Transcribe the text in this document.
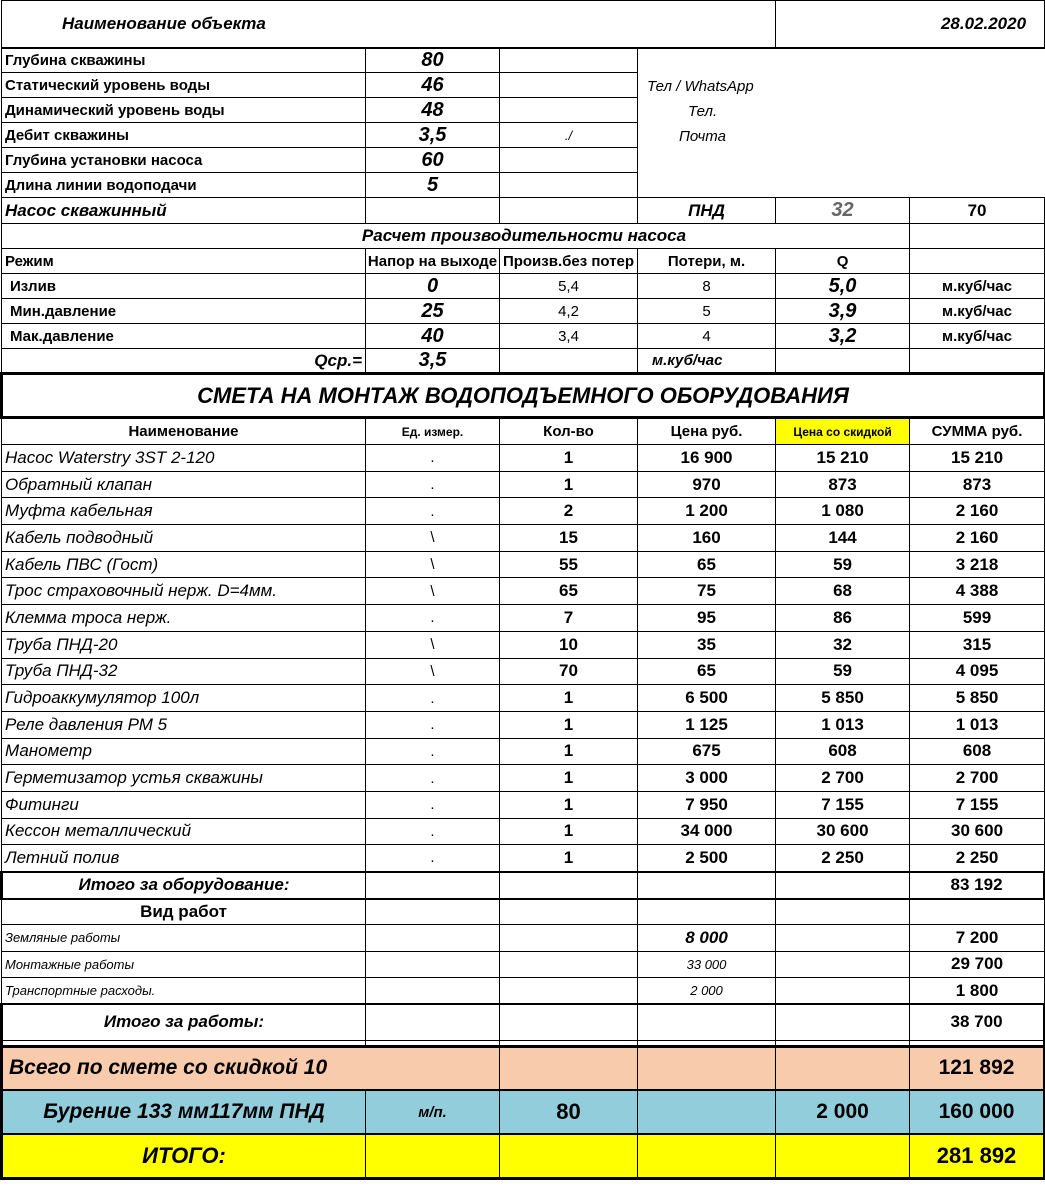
Наименование объекта				28.02.2020	
Глубина скважины	80		Тел / WhatsApp
Тел.
Почта		

Статический уровень воды	46				
Динамический уровень воды	48				
Дебит скважины	3,5	./			
Глубина установки насоса	60				
Длина линии водоподачи	5				
Насос скважинный			ПНД	32	70
Расчет производительности насоса					
Режим	Напор на выходе	Произв.без потер	Потери, м.	Q	
Излив	0	5,4	8	5,0	м.куб/час
Мин.давление	25	4,2	5	3,9	м.куб/час
Мак.давление	40	3,4	4	3,2	м.куб/час
Qср.=	3,5		м.куб/час		
СМЕТА НА МОНТАЖ ВОДОПОДЪЕМНОГО ОБОРУДОВАНИЯ					
Наименование	Ед. измер.	Кол-во	Цена руб.	Цена со скидкой	СУММА руб.
Насос Waterstry 3ST 2-120	.	1	16 900	15 210	15 210
Обратный клапан	.	1	970	873	873
Муфта кабельная	.	2	1 200	1 080	2 160
Кабель подводный	\	15	160	144	2 160
Кабель ПВС (Гост)	\	55	65	59	3 218
Трос страховочный нерж. D=4мм.	\	65	75	68	4 388
Клемма троса нерж.	.	7	95	86	599
Труба ПНД-20	\	10	35	32	315
Труба ПНД-32	\	70	65	59	4 095
Гидроаккумулятор 100л	.	1	6 500	5 850	5 850
Реле давления РМ 5	.	1	1 125	1 013	1 013
Манометр	.	1	675	608	608
Герметизатор устья скважины	.	1	3 000	2 700	2 700
Фитинги	.	1	7 950	7 155	7 155
Кессон металлический	.	1	34 000	30 600	30 600
Летний полив	.	1	2 500	2 250	2 250
Итого за оборудование:					83 192
Вид работ					
Земляные работы			8 000		7 200
Монтажные работы			33 000		29 700
Транспортные расходы.			2 000		1 800
Итого за работы:					38 700

Всего по смете со скидкой 10					121 892
Бурение 133 мм117мм ПНД	м/п.	80		2 000	160 000
ИТОГО:					281 892
